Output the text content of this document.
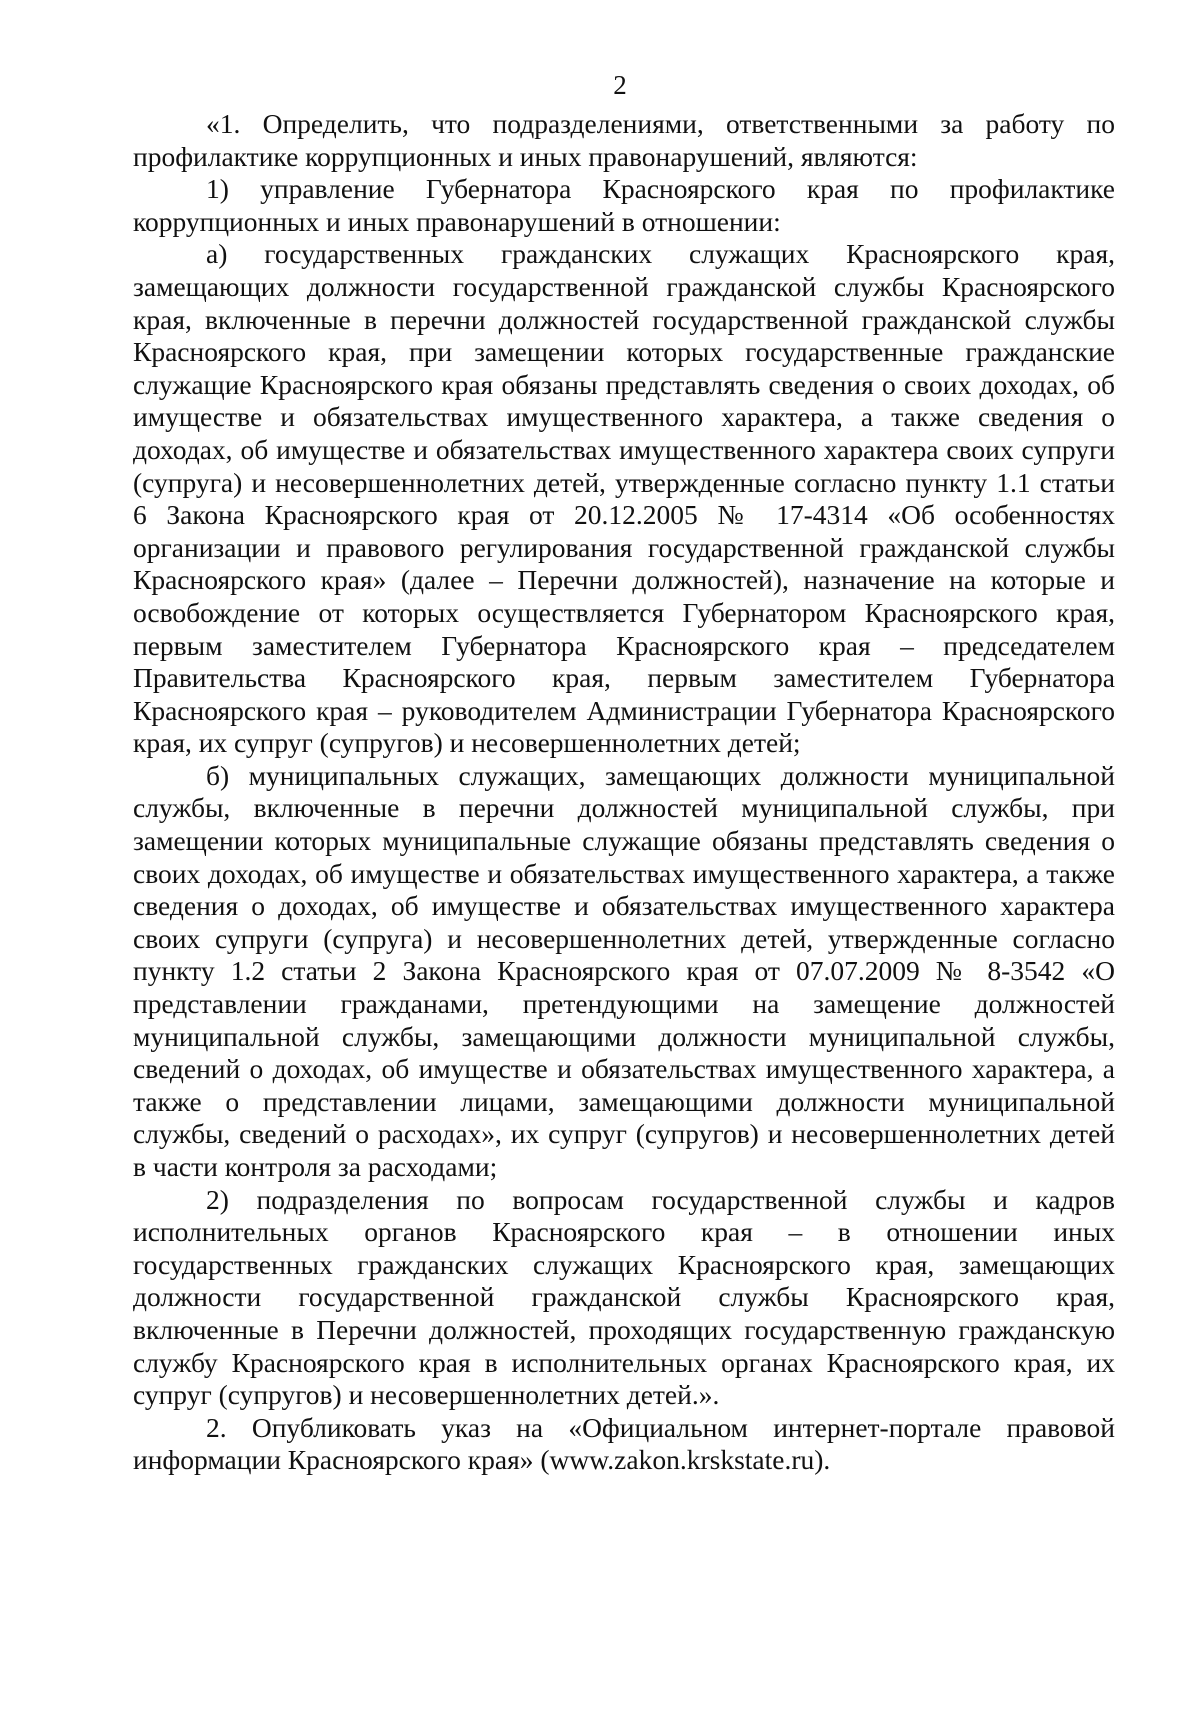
2

«1. Определить, что подразделениями, ответственными за работу по профилактике коррупционных и иных правонарушений, являются:

1) управление Губернатора Красноярского края по профилактике коррупционных и иных правонарушений в отношении:

а) государственных гражданских служащих Красноярского края, замещающих должности государственной гражданской службы Красноярского края, включенные в перечни должностей государственной гражданской службы Красноярского края, при замещении которых государственные гражданские служащие Красноярского края обязаны представлять сведения о своих доходах, об имуществе и обязательствах имущественного характера, а также сведения о доходах, об имуществе и обязательствах имущественного характера своих супруги (супруга) и несовершеннолетних детей, утвержденные согласно пункту 1.1 статьи 6 Закона Красноярского края от 20.12.2005 № 17-4314 «Об особенностях организации и правового регулирования государственной гражданской службы Красноярского края» (далее – Перечни должностей), назначение на которые и освобождение от которых осуществляется Губернатором Красноярского края, первым заместителем Губернатора Красноярского края – председателем Правительства Красноярского края, первым заместителем Губернатора Красноярского края – руководителем Администрации Губернатора Красноярского края, их супруг (супругов) и несовершеннолетних детей;

б) муниципальных служащих, замещающих должности муниципальной службы, включенные в перечни должностей муниципальной службы, при замещении которых муниципальные служащие обязаны представлять сведения о своих доходах, об имуществе и обязательствах имущественного характера, а также сведения о доходах, об имуществе и обязательствах имущественного характера своих супруги (супруга) и несовершеннолетних детей, утвержденные согласно пункту 1.2 статьи 2 Закона Красноярского края от 07.07.2009 № 8-3542 «О представлении гражданами, претендующими на замещение должностей муниципальной службы, замещающими должности муниципальной службы, сведений о доходах, об имуществе и обязательствах имущественного характера, а также о представлении лицами, замещающими должности муниципальной службы, сведений о расходах», их супруг (супругов) и несовершеннолетних детей в части контроля за расходами;

2) подразделения по вопросам государственной службы и кадров исполнительных органов Красноярского края – в отношении иных государственных гражданских служащих Красноярского края, замещающих должности государственной гражданской службы Красноярского края, включенные в Перечни должностей, проходящих государственную гражданскую службу Красноярского края в исполнительных органах Красноярского края, их супруг (супругов) и несовершеннолетних детей.».

2. Опубликовать указ на «Официальном интернет-портале правовой информации Красноярского края» (www.zakon.krskstate.ru).
